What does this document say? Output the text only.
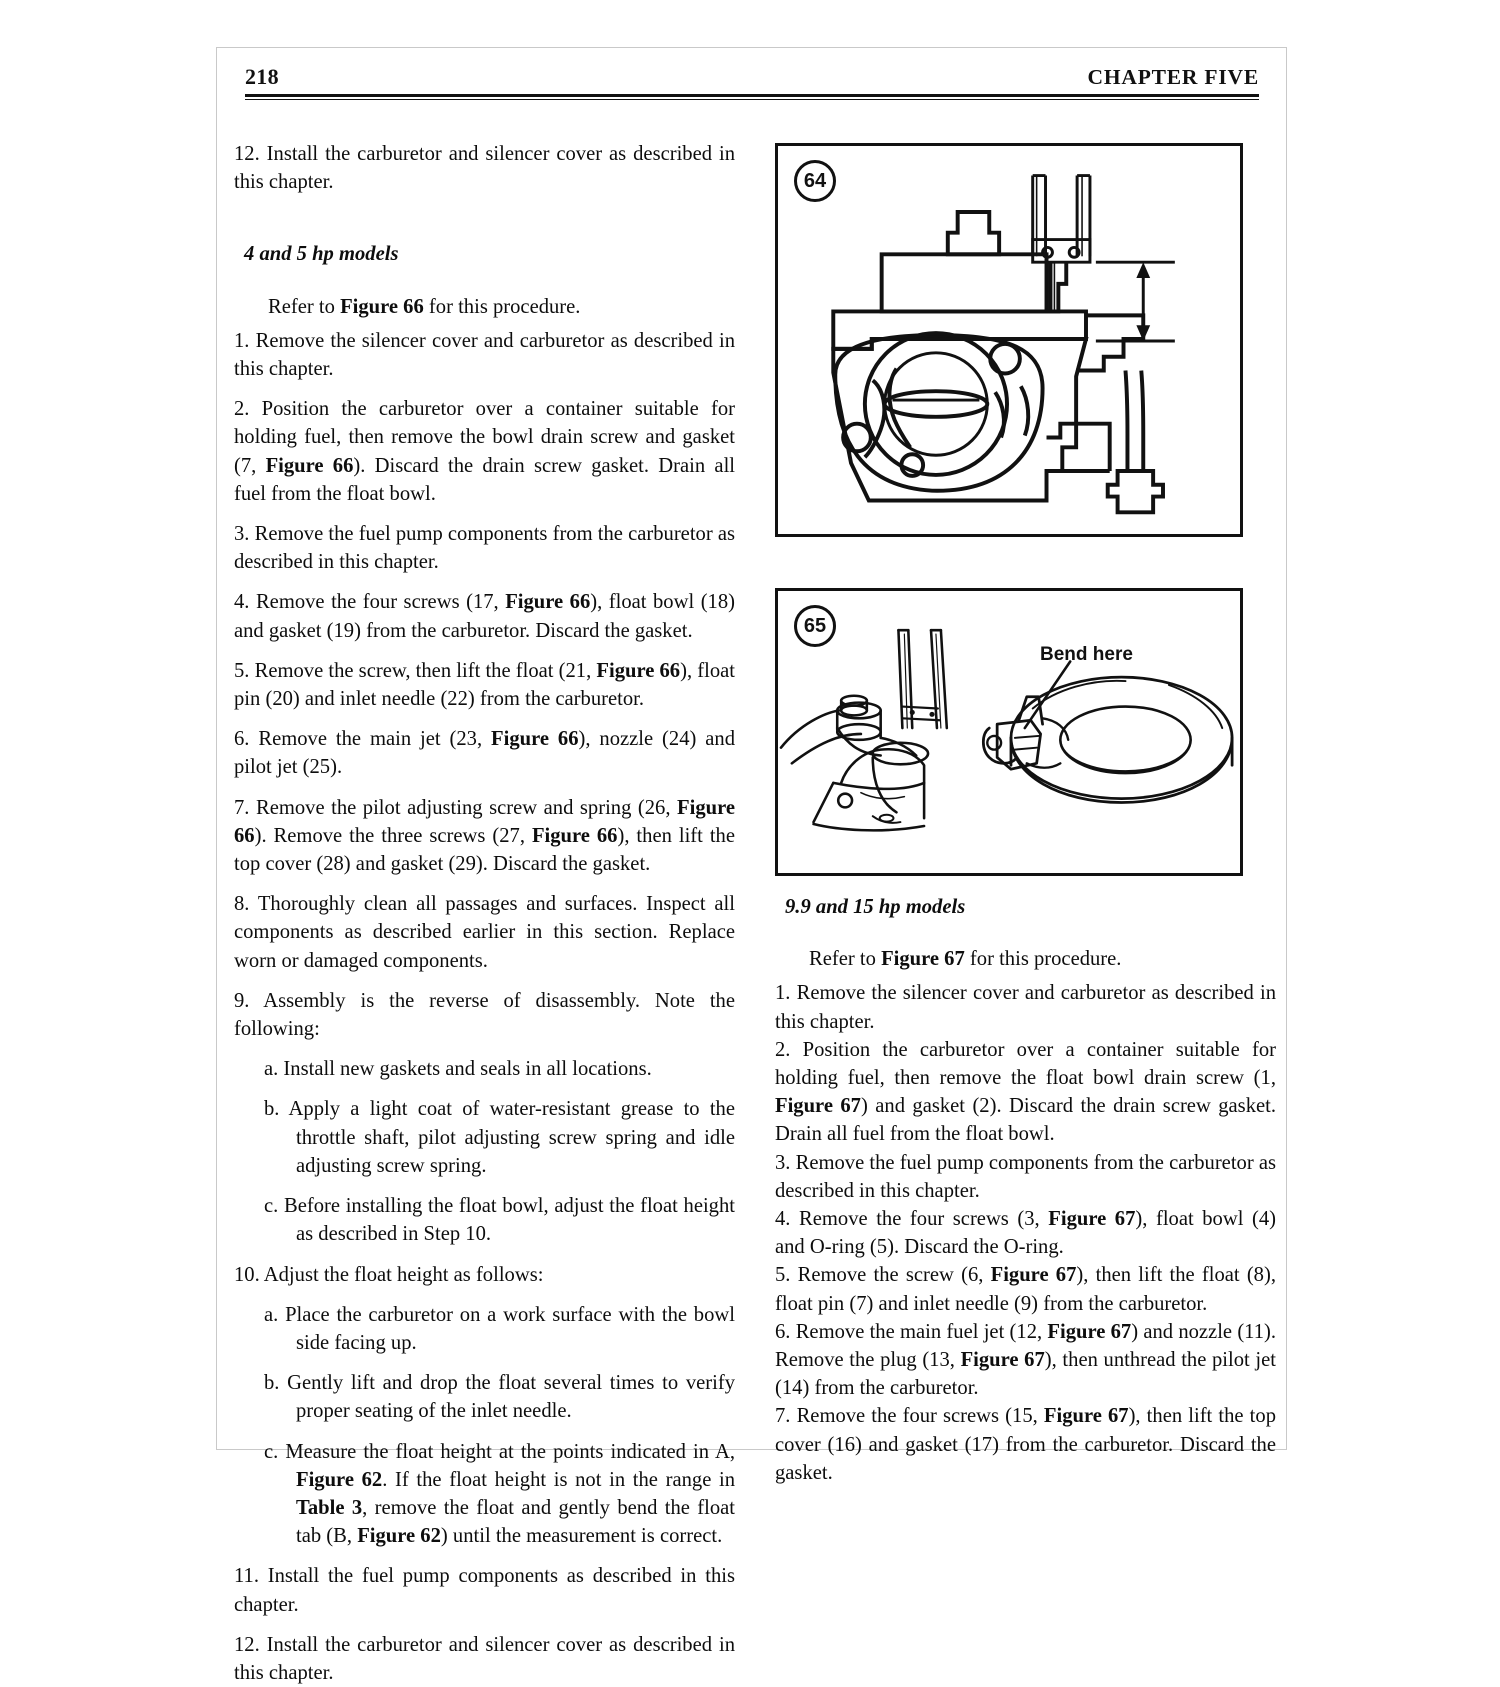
218	CHAPTER FIVE

12. Install the carburetor and silencer cover as described in this chapter.

4 and 5 hp models

Refer to Figure 66 for this procedure.

1. Remove the silencer cover and carburetor as described in this chapter.

2. Position the carburetor over a container suitable for holding fuel, then remove the bowl drain screw and gasket (7, Figure 66). Discard the drain screw gasket. Drain all fuel from the float bowl.

3. Remove the fuel pump components from the carburetor as described in this chapter.

4. Remove the four screws (17, Figure 66), float bowl (18) and gasket (19) from the carburetor. Discard the gasket.

5. Remove the screw, then lift the float (21, Figure 66), float pin (20) and inlet needle (22) from the carburetor.

6. Remove the main jet (23, Figure 66), nozzle (24) and pilot jet (25).

7. Remove the pilot adjusting screw and spring (26, Figure 66). Remove the three screws (27, Figure 66), then lift the top cover (28) and gasket (29). Discard the gasket.

8. Thoroughly clean all passages and surfaces. Inspect all components as described earlier in this section. Replace worn or damaged components.

9. Assembly is the reverse of disassembly. Note the following:

a. Install new gaskets and seals in all locations.

b. Apply a light coat of water-resistant grease to the throttle shaft, pilot adjusting screw spring and idle adjusting screw spring.

c. Before installing the float bowl, adjust the float height as described in Step 10.

10. Adjust the float height as follows:

a. Place the carburetor on a work surface with the bowl side facing up.

b. Gently lift and drop the float several times to verify proper seating of the inlet needle.

c. Measure the float height at the points indicated in A, Figure 62. If the float height is not in the range in Table 3, remove the float and gently bend the float tab (B, Figure 62) until the measurement is correct.

11. Install the fuel pump components as described in this chapter.

12. Install the carburetor and silencer cover as described in this chapter.

64
65
Bend here

9.9 and 15 hp models

Refer to Figure 67 for this procedure.

1. Remove the silencer cover and carburetor as described in this chapter.

2. Position the carburetor over a container suitable for holding fuel, then remove the float bowl drain screw (1, Figure 67) and gasket (2). Discard the drain screw gasket. Drain all fuel from the float bowl.

3. Remove the fuel pump components from the carburetor as described in this chapter.

4. Remove the four screws (3, Figure 67), float bowl (4) and O-ring (5). Discard the O-ring.

5. Remove the screw (6, Figure 67), then lift the float (8), float pin (7) and inlet needle (9) from the carburetor.

6. Remove the main fuel jet (12, Figure 67) and nozzle (11). Remove the plug (13, Figure 67), then unthread the pilot jet (14) from the carburetor.

7. Remove the four screws (15, Figure 67), then lift the top cover (16) and gasket (17) from the carburetor. Discard the gasket.
